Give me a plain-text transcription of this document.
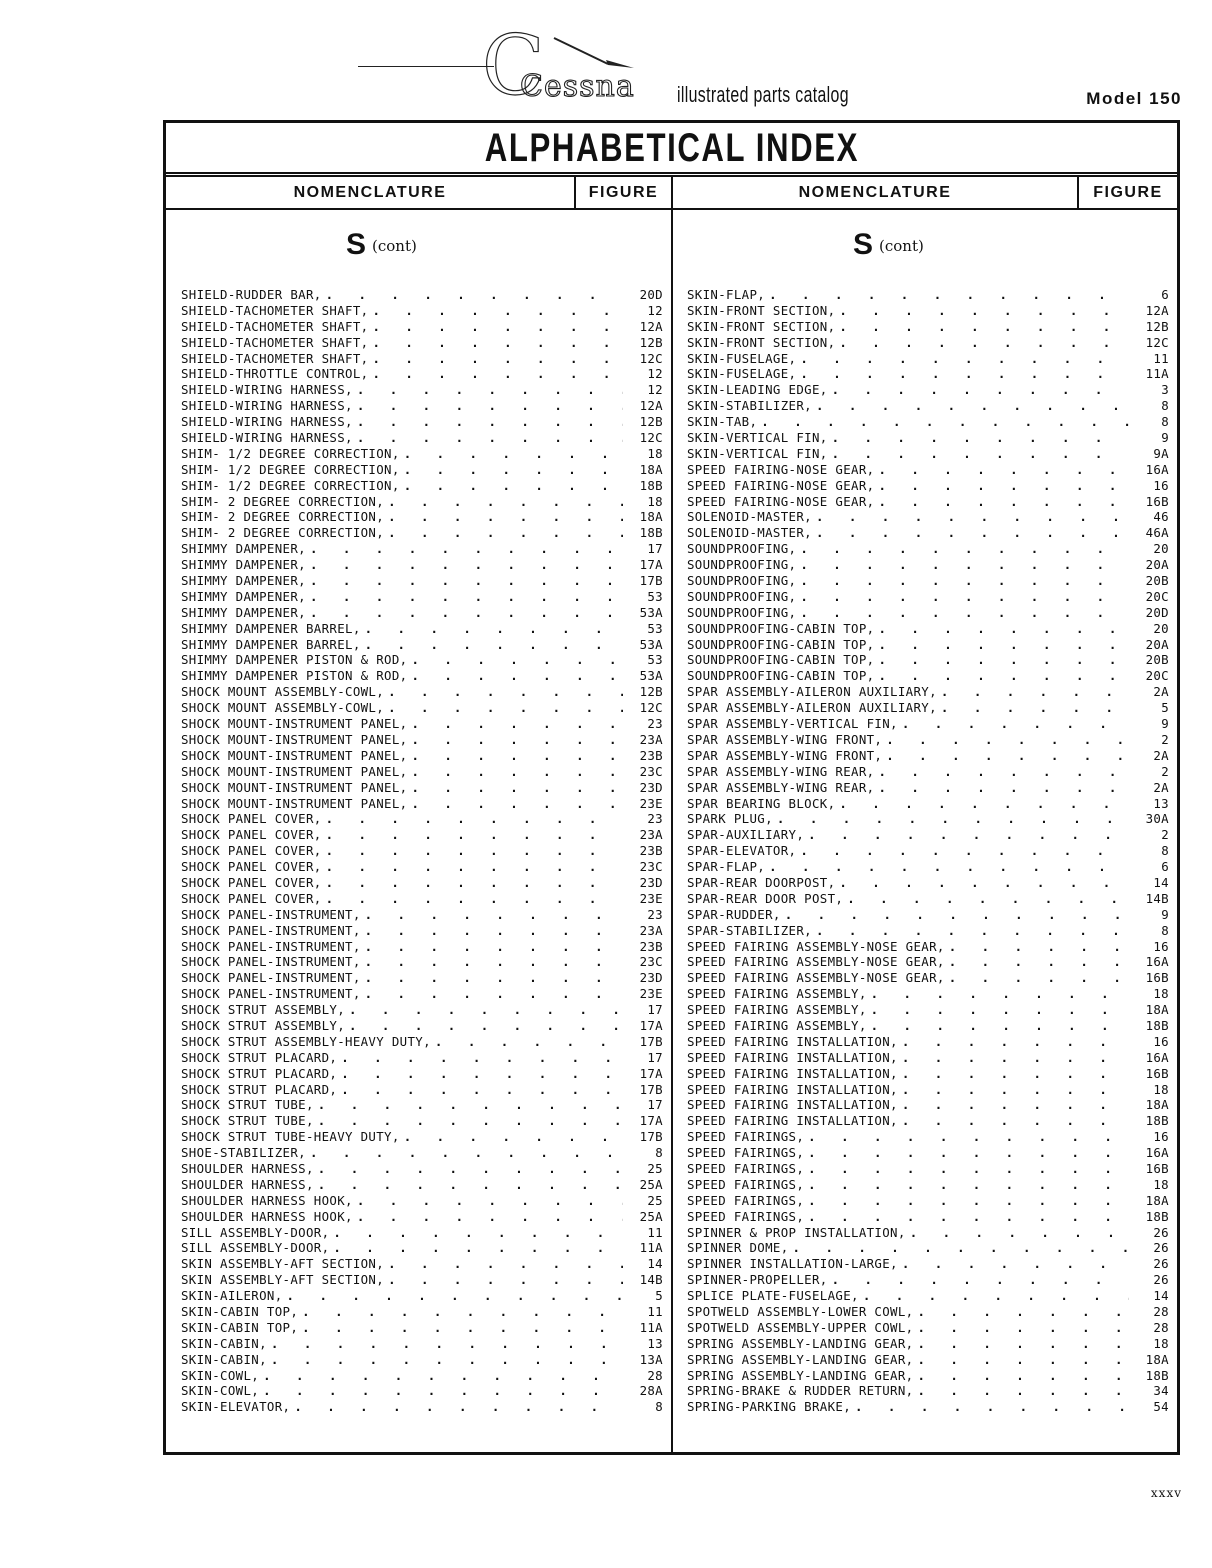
C
Cessna illustrated parts catalog	Model 150
ALPHABETICAL INDEX
NOMENCLATURE	FIGURE	NOMENCLATURE	FIGURE
S (cont)	S (cont)
SHIELD-RUDDER BAR, . . .	20D
SHIELD-TACHOMETER SHAFT, . . .	12
SHIELD-TACHOMETER SHAFT, . . .	12A
SHIELD-TACHOMETER SHAFT, . . .	12B
SHIELD-TACHOMETER SHAFT, . . .	12C
SHIELD-THROTTLE CONTROL, . . .	12
SHIELD-WIRING HARNESS, . . .	12
SHIELD-WIRING HARNESS, . . .	12A
SHIELD-WIRING HARNESS, . . .	12B
SHIELD-WIRING HARNESS, . . .	12C
SHIM- 1/2 DEGREE CORRECTION, . . .	18
SHIM- 1/2 DEGREE CORRECTION, . . .	18A
SHIM- 1/2 DEGREE CORRECTION, . . .	18B
SHIM- 2 DEGREE CORRECTION, . . .	18
SHIM- 2 DEGREE CORRECTION, . . .	18A
SHIM- 2 DEGREE CORRECTION, . . .	18B
SHIMMY DAMPENER, . . .	17
SHIMMY DAMPENER, . . .	17A
SHIMMY DAMPENER, . . .	17B
SHIMMY DAMPENER, . . .	53
SHIMMY DAMPENER, . . .	53A
SHIMMY DAMPENER BARREL, . . .	53
SHIMMY DAMPENER BARREL, . . .	53A
SHIMMY DAMPENER PISTON & ROD, . . .	53
SHIMMY DAMPENER PISTON & ROD, . . .	53A
SHOCK MOUNT ASSEMBLY-COWL, . . .	12B
SHOCK MOUNT ASSEMBLY-COWL, . . .	12C
SHOCK MOUNT-INSTRUMENT PANEL, . . .	23
SHOCK MOUNT-INSTRUMENT PANEL, . . .	23A
SHOCK MOUNT-INSTRUMENT PANEL, . . .	23B
SHOCK MOUNT-INSTRUMENT PANEL, . . .	23C
SHOCK MOUNT-INSTRUMENT PANEL, . . .	23D
SHOCK MOUNT-INSTRUMENT PANEL, . . .	23E
SHOCK PANEL COVER, . . .	23
SHOCK PANEL COVER, . . .	23A
SHOCK PANEL COVER, . . .	23B
SHOCK PANEL COVER, . . .	23C
SHOCK PANEL COVER, . . .	23D
SHOCK PANEL COVER, . . .	23E
SHOCK PANEL-INSTRUMENT, . . .	23
SHOCK PANEL-INSTRUMENT, . . .	23A
SHOCK PANEL-INSTRUMENT, . . .	23B
SHOCK PANEL-INSTRUMENT, . . .	23C
SHOCK PANEL-INSTRUMENT, . . .	23D
SHOCK PANEL-INSTRUMENT, . . .	23E
SHOCK STRUT ASSEMBLY, . . .	17
SHOCK STRUT ASSEMBLY, . . .	17A
SHOCK STRUT ASSEMBLY-HEAVY DUTY, . . .	17B
SHOCK STRUT PLACARD, . . .	17
SHOCK STRUT PLACARD, . . .	17A
SHOCK STRUT PLACARD, . . .	17B
SHOCK STRUT TUBE, . . .	17
SHOCK STRUT TUBE, . . .	17A
SHOCK STRUT TUBE-HEAVY DUTY, . . .	17B
SHOE-STABILIZER, . . .	8
SHOULDER HARNESS, . . .	25
SHOULDER HARNESS, . . .	25A
SHOULDER HARNESS HOOK, . . .	25
SHOULDER HARNESS HOOK, . . .	25A
SILL ASSEMBLY-DOOR, . . .	11
SILL ASSEMBLY-DOOR, . . .	11A
SKIN ASSEMBLY-AFT SECTION, . . .	14
SKIN ASSEMBLY-AFT SECTION, . . .	14B
SKIN-AILERON, . . .	5
SKIN-CABIN TOP, . . .	11
SKIN-CABIN TOP, . . .	11A
SKIN-CABIN, . . .	13
SKIN-CABIN, . . .	13A
SKIN-COWL, . . .	28
SKIN-COWL, . . .	28A
SKIN-ELEVATOR, . . .	8
SKIN-FLAP, . . .	6
SKIN-FRONT SECTION, . . .	12A
SKIN-FRONT SECTION, . . .	12B
SKIN-FRONT SECTION, . . .	12C
SKIN-FUSELAGE, . . .	11
SKIN-FUSELAGE, . . .	11A
SKIN-LEADING EDGE, . . .	3
SKIN-STABILIZER, . . .	8
SKIN-TAB, . . .	8
SKIN-VERTICAL FIN, . . .	9
SKIN-VERTICAL FIN, . . .	9A
SPEED FAIRING-NOSE GEAR, . . .	16A
SPEED FAIRING-NOSE GEAR, . . .	16
SPEED FAIRING-NOSE GEAR, . . .	16B
SOLENOID-MASTER, . . .	46
SOLENOID-MASTER, . . .	46A
SOUNDPROOFING, . . .	20
SOUNDPROOFING, . . .	20A
SOUNDPROOFING, . . .	20B
SOUNDPROOFING, . . .	20C
SOUNDPROOFING, . . .	20D
SOUNDPROOFING-CABIN TOP, . . .	20
SOUNDPROOFING-CABIN TOP, . . .	20A
SOUNDPROOFING-CABIN TOP, . . .	20B
SOUNDPROOFING-CABIN TOP, . . .	20C
SPAR ASSEMBLY-AILERON AUXILIARY, . . .	2A
SPAR ASSEMBLY-AILERON AUXILIARY, . . .	5
SPAR ASSEMBLY-VERTICAL FIN, . . .	9
SPAR ASSEMBLY-WING FRONT, . . .	2
SPAR ASSEMBLY-WING FRONT, . . .	2A
SPAR ASSEMBLY-WING REAR, . . .	2
SPAR ASSEMBLY-WING REAR, . . .	2A
SPAR BEARING BLOCK, . . .	13
SPARK PLUG, . . .	30A
SPAR-AUXILIARY, . . .	2
SPAR-ELEVATOR, . . .	8
SPAR-FLAP, . . .	6
SPAR-REAR DOORPOST, . . .	14
SPAR-REAR DOOR POST, . . .	14B
SPAR-RUDDER, . . .	9
SPAR-STABILIZER, . . .	8
SPEED FAIRING ASSEMBLY-NOSE GEAR, . . .	16
SPEED FAIRING ASSEMBLY-NOSE GEAR, . . .	16A
SPEED FAIRING ASSEMBLY-NOSE GEAR, . . .	16B
SPEED FAIRING ASSEMBLY, . . .	18
SPEED FAIRING ASSEMBLY, . . .	18A
SPEED FAIRING ASSEMBLY, . . .	18B
SPEED FAIRING INSTALLATION, . . .	16
SPEED FAIRING INSTALLATION, . . .	16A
SPEED FAIRING INSTALLATION, . . .	16B
SPEED FAIRING INSTALLATION, . . .	18
SPEED FAIRING INSTALLATION, . . .	18A
SPEED FAIRING INSTALLATION, . . .	18B
SPEED FAIRINGS, . . .	16
SPEED FAIRINGS, . . .	16A
SPEED FAIRINGS, . . .	16B
SPEED FAIRINGS, . . .	18
SPEED FAIRINGS, . . .	18A
SPEED FAIRINGS, . . .	18B
SPINNER & PROP INSTALLATION, . . .	26
SPINNER DOME, . . .	26
SPINNER INSTALLATION-LARGE, . . .	26
SPINNER-PROPELLER, . . .	26
SPLICE PLATE-FUSELAGE, . . .	14
SPOTWELD ASSEMBLY-LOWER COWL, . . .	28
SPOTWELD ASSEMBLY-UPPER COWL, . . .	28
SPRING ASSEMBLY-LANDING GEAR, . . .	18
SPRING ASSEMBLY-LANDING GEAR, . . .	18A
SPRING ASSEMBLY-LANDING GEAR, . . .	18B
SPRING-BRAKE & RUDDER RETURN, . . .	34
SPRING-PARKING BRAKE, . . .	54
xxxv
